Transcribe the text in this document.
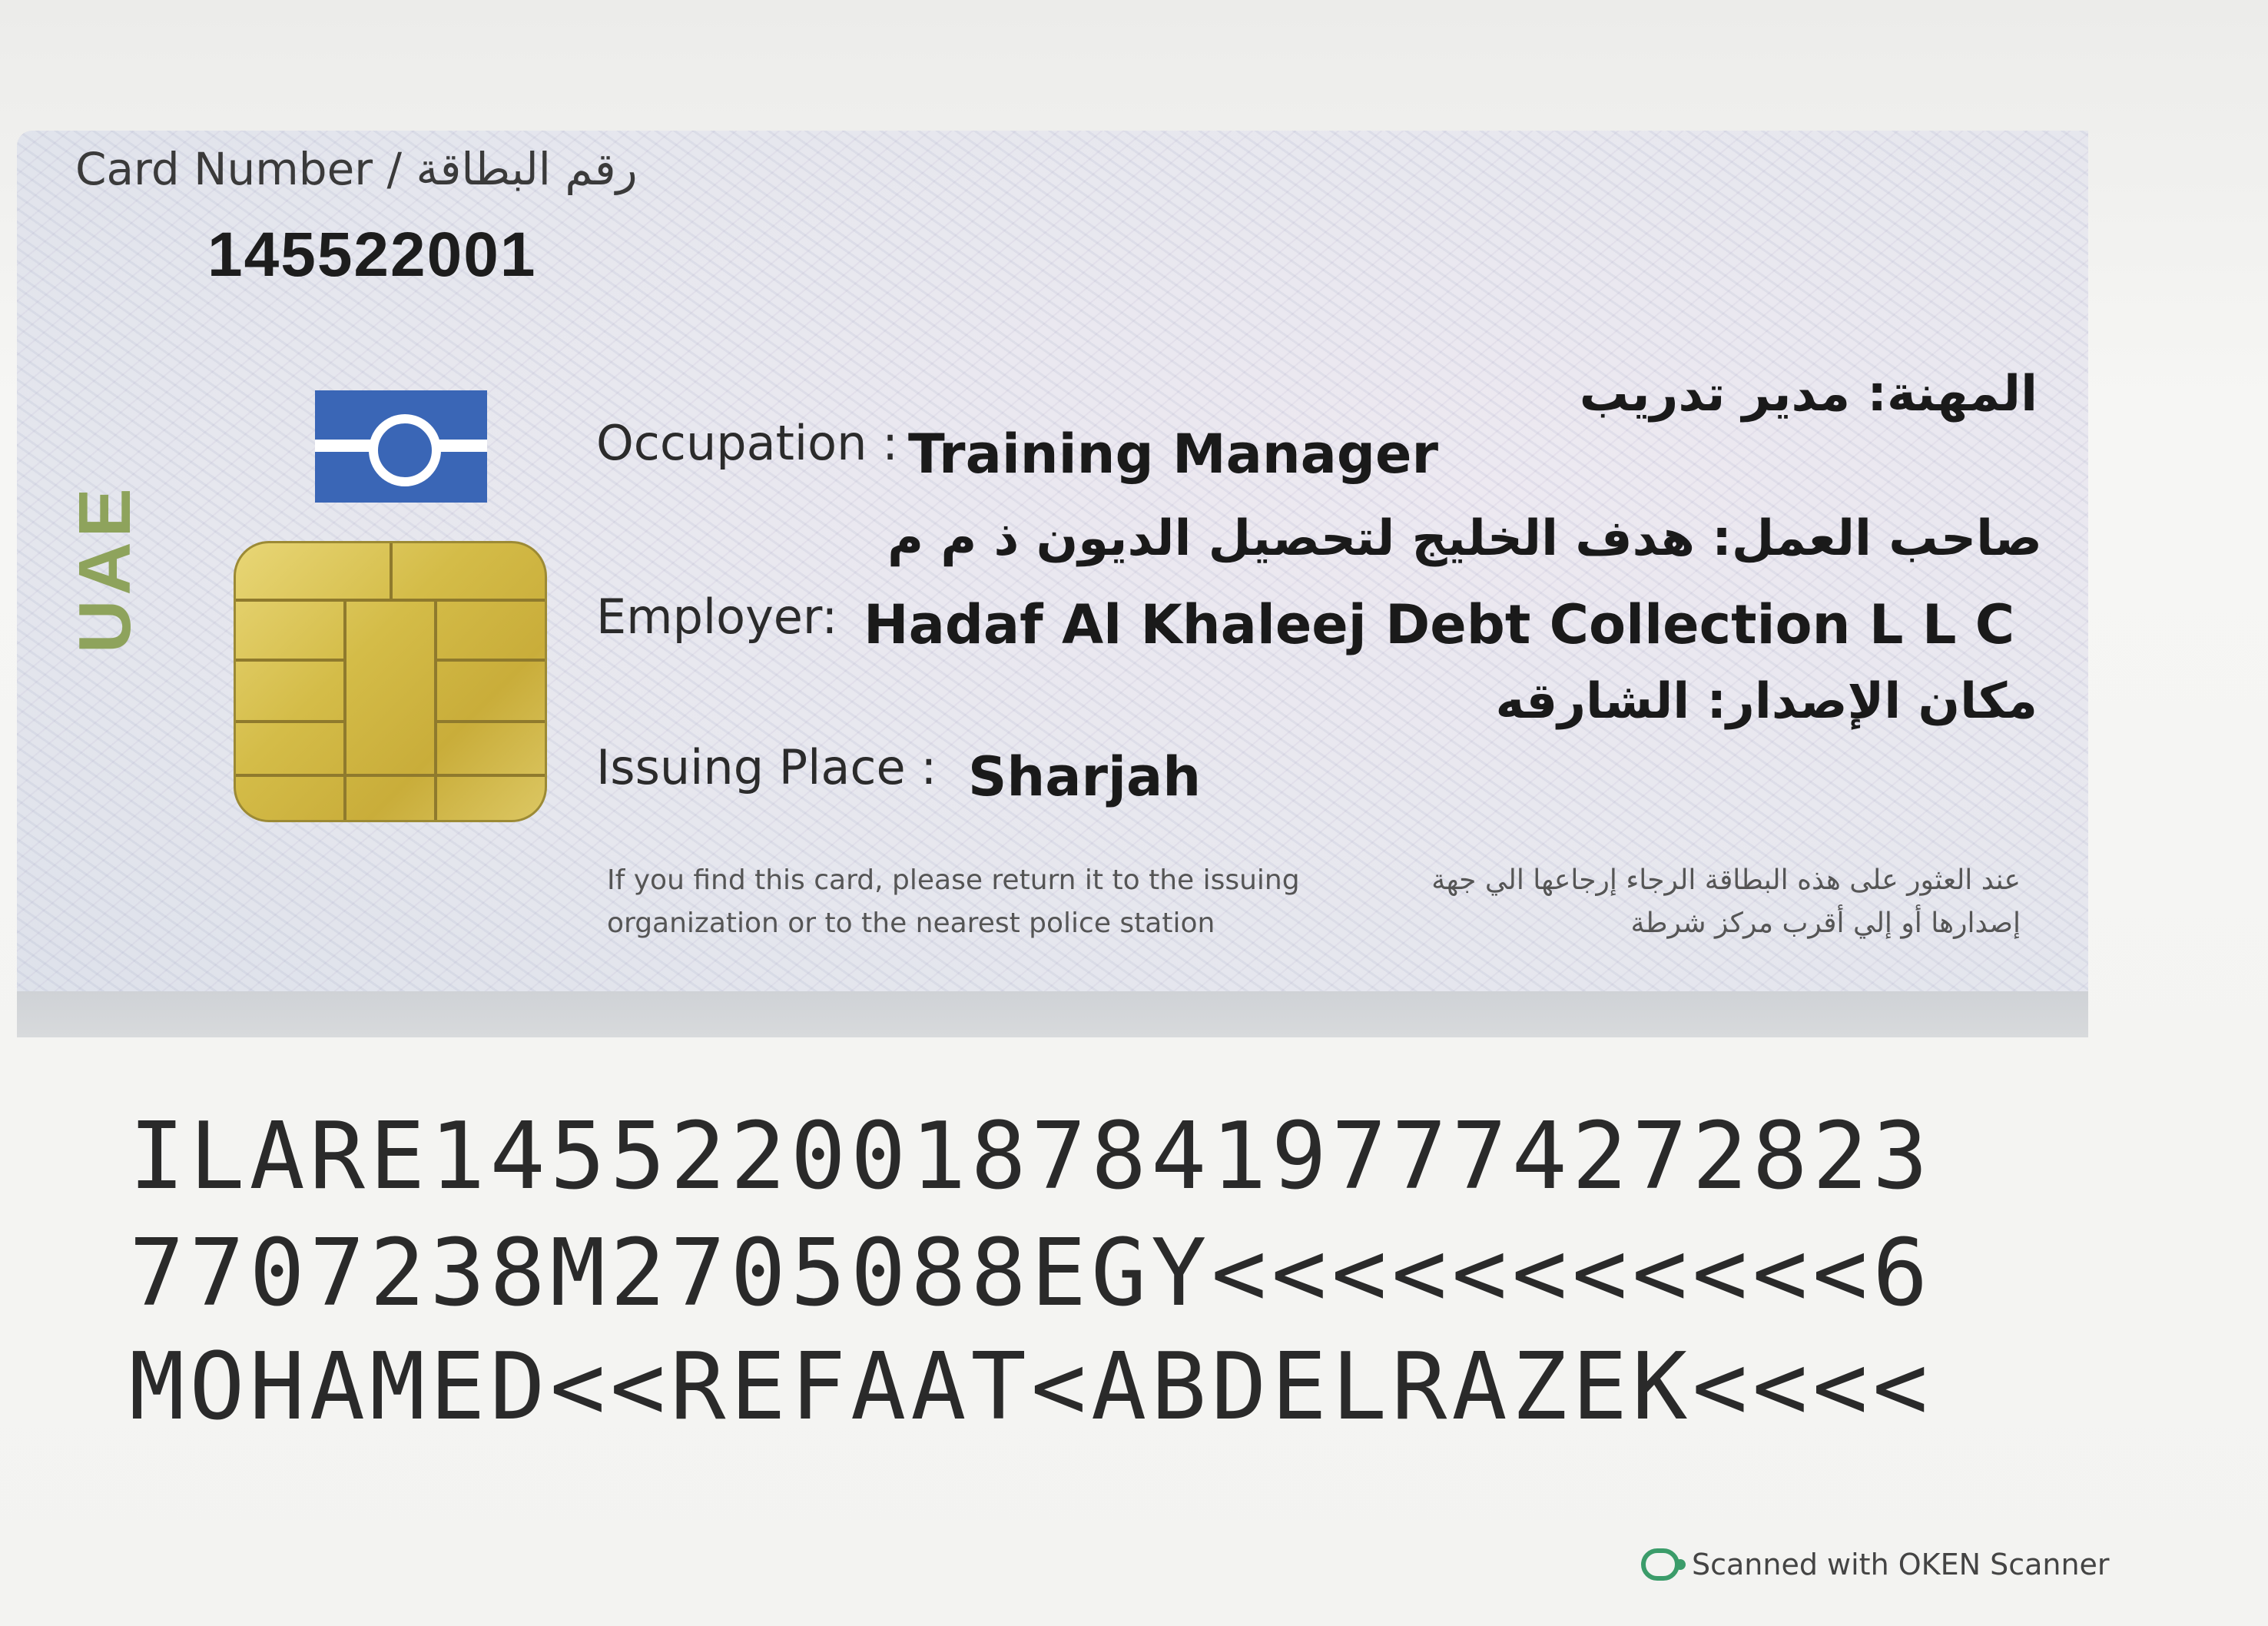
Card Number / رقم البطاقة
145522001
UAE
المهنة: مدير تدريب
Occupation : Training Manager
صاحب العمل: هدف الخليج لتحصيل الديون ذ م م
Employer: Hadaf Al Khaleej Debt Collection L L C
مكان الإصدار: الشارقه
Issuing Place : Sharjah
If you find this card, please return it to the issuing organization or to the nearest police station
عند العثور على هذه البطاقة الرجاء إرجاعها الي جهة إصدارها أو إلي أقرب مركز شرطة
ILARE1455220018784197774272823
7707238M2705088EGY<<<<<<<<<<<6
MOHAMED<<REFAAT<ABDELRAZEK<<<<
Scanned with OKEN Scanner
